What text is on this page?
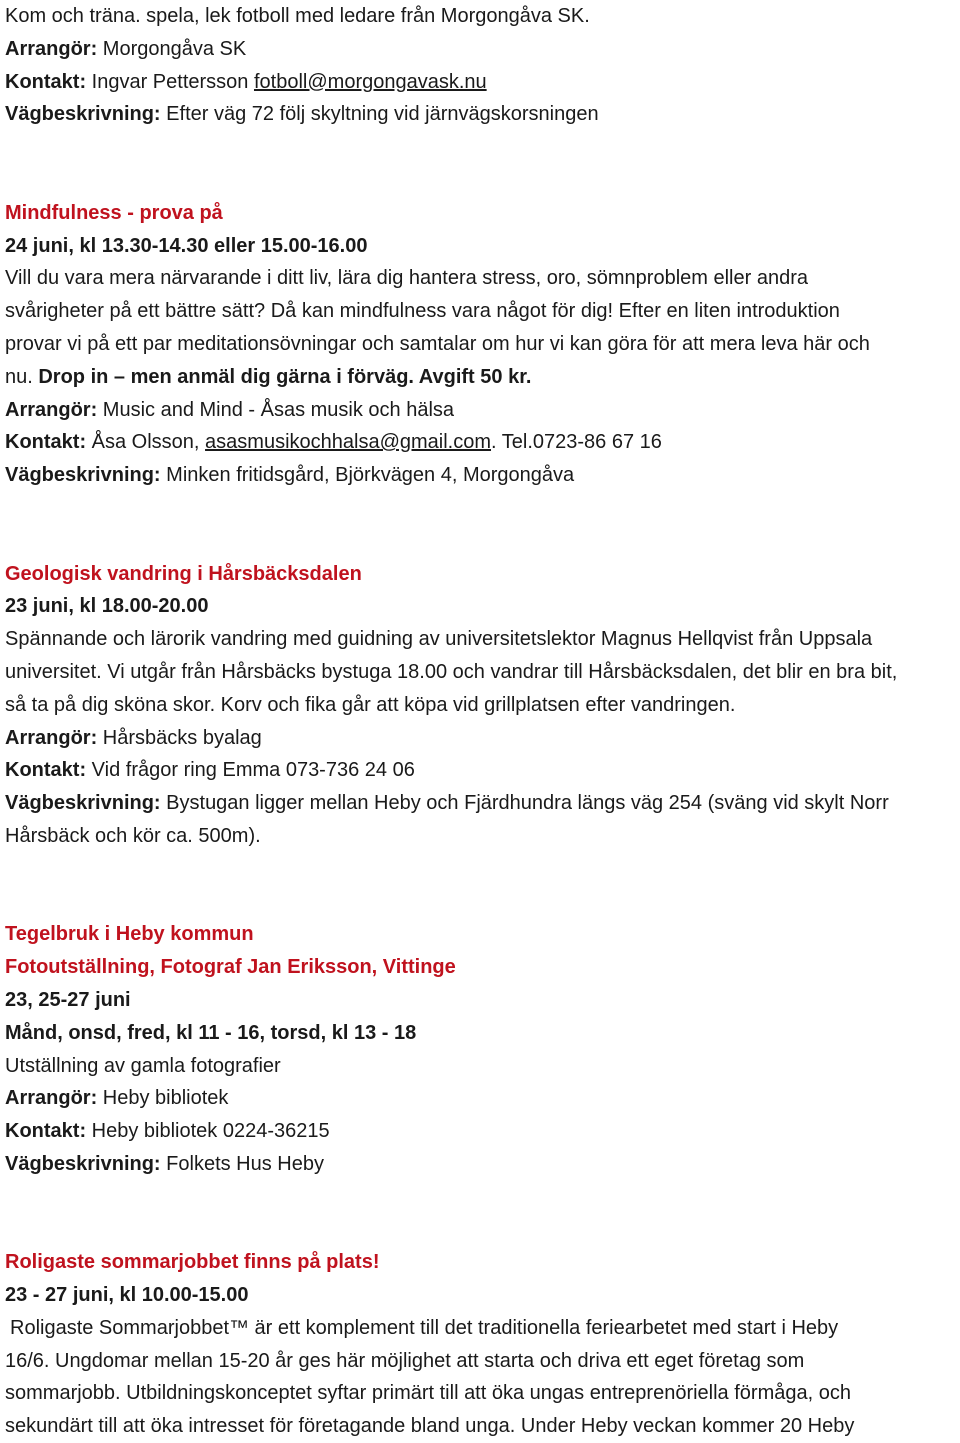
Kom och träna. spela, lek fotboll med ledare från Morgongåva SK.
Arrangör: Morgongåva SK
Kontakt: Ingvar Pettersson fotboll@morgongavask.nu
Vägbeskrivning: Efter väg 72 följ skyltning vid järnvägskorsningen
Mindfulness - prova på
24 juni, kl 13.30-14.30 eller 15.00-16.00
Vill du vara mera närvarande i ditt liv, lära dig hantera stress, oro, sömnproblem eller andra
svårigheter på ett bättre sätt? Då kan mindfulness vara något för dig! Efter en liten introduktion
provar vi på ett par meditationsövningar och samtalar om hur vi kan göra för att mera leva här och
nu. Drop in – men anmäl dig gärna i förväg. Avgift 50 kr.
Arrangör: Music and Mind - Åsas musik och hälsa
Kontakt: Åsa Olsson, asasmusikochhalsa@gmail.com. Tel.0723-86 67 16
Vägbeskrivning: Minken fritidsgård, Björkvägen 4, Morgongåva
Geologisk vandring i Hårsbäcksdalen
23 juni, kl 18.00-20.00
Spännande och lärorik vandring med guidning av universitetslektor Magnus Hellqvist från Uppsala
universitet. Vi utgår från Hårsbäcks bystuga 18.00 och vandrar till Hårsbäcksdalen, det blir en bra bit,
så ta på dig sköna skor. Korv och fika går att köpa vid grillplatsen efter vandringen.
Arrangör: Hårsbäcks byalag
Kontakt: Vid frågor ring Emma 073-736 24 06
Vägbeskrivning: Bystugan ligger mellan Heby och Fjärdhundra längs väg 254 (sväng vid skylt Norr
Hårsbäck och kör ca. 500m).
Tegelbruk i Heby kommun
Fotoutställning, Fotograf Jan Eriksson, Vittinge
23, 25-27 juni
Månd, onsd, fred, kl 11 - 16, torsd, kl 13 - 18
Utställning av gamla fotografier
Arrangör: Heby bibliotek
Kontakt: Heby bibliotek 0224-36215
Vägbeskrivning: Folkets Hus Heby
Roligaste sommarjobbet finns på plats!
23 - 27 juni, kl 10.00-15.00
Roligaste Sommarjobbet™ är ett komplement till det traditionella feriearbetet med start i Heby
16/6. Ungdomar mellan 15-20 år ges här möjlighet att starta och driva ett eget företag som
sommarjobb. Utbildningskonceptet syftar primärt till att öka ungas entreprenöriella förmåga, och
sekundärt till att öka intresset för företagande bland unga. Under Heby veckan kommer 20 Heby
